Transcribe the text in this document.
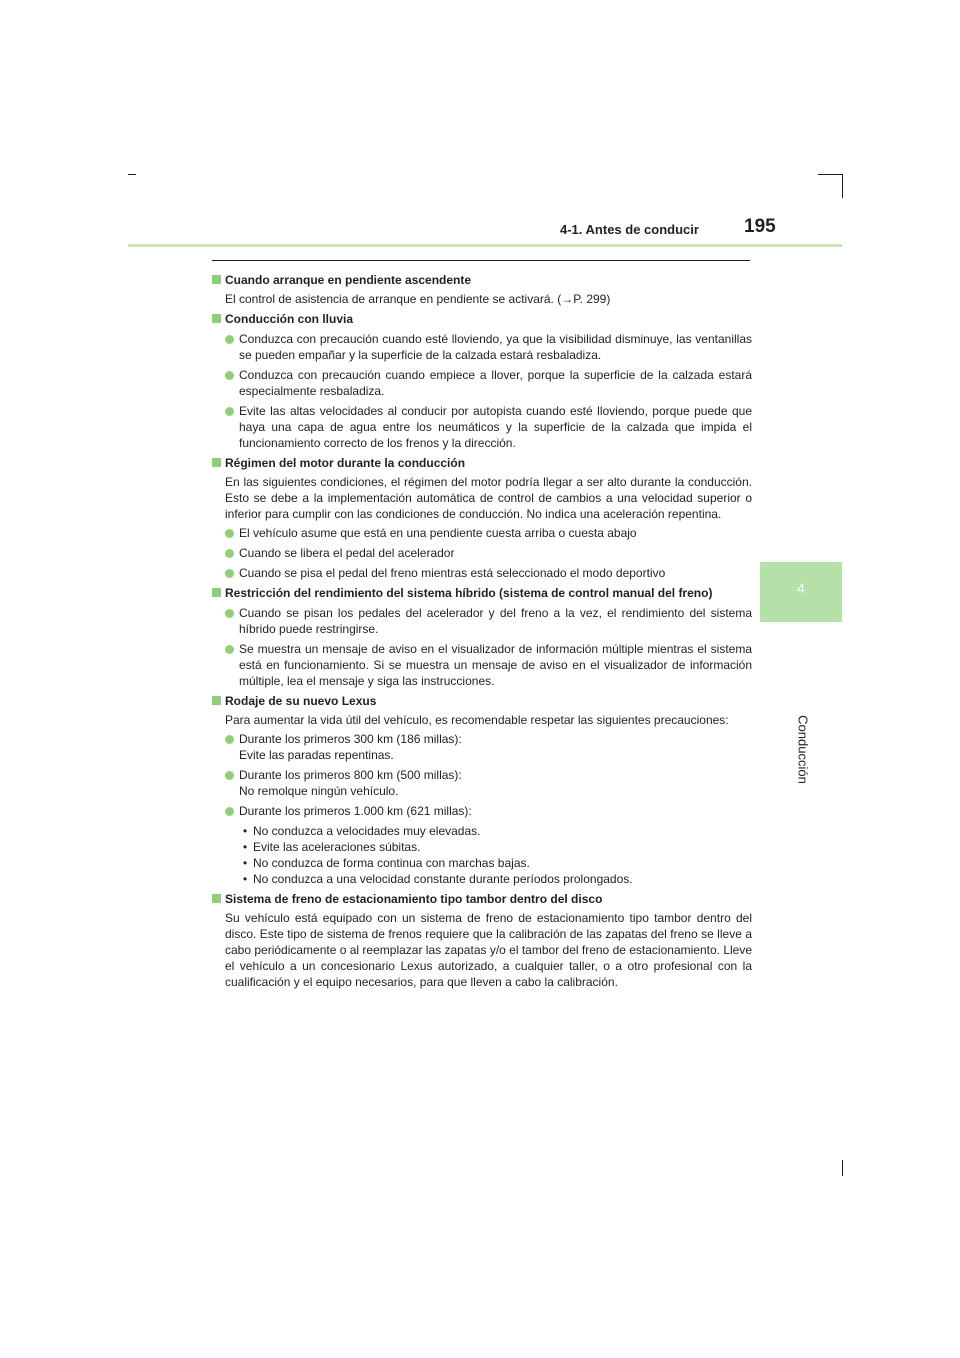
4-1. Antes de conducir 195
4
Conducción
Cuando arranque en pendiente ascendente
El control de asistencia de arranque en pendiente se activará. (→P. 299)
Conducción con lluvia
Conduzca con precaución cuando esté lloviendo, ya que la visibilidad disminuye, las ventanillas se pueden empañar y la superficie de la calzada estará resbaladiza.
Conduzca con precaución cuando empiece a llover, porque la superficie de la calzada estará especialmente resbaladiza.
Evite las altas velocidades al conducir por autopista cuando esté lloviendo, porque puede que haya una capa de agua entre los neumáticos y la superficie de la calzada que impida el funcionamiento correcto de los frenos y la dirección.
Régimen del motor durante la conducción
En las siguientes condiciones, el régimen del motor podría llegar a ser alto durante la conducción. Esto se debe a la implementación automática de control de cambios a una velocidad superior o inferior para cumplir con las condiciones de conducción. No indica una aceleración repentina.
El vehículo asume que está en una pendiente cuesta arriba o cuesta abajo
Cuando se libera el pedal del acelerador
Cuando se pisa el pedal del freno mientras está seleccionado el modo deportivo
Restricción del rendimiento del sistema híbrido (sistema de control manual del freno)
Cuando se pisan los pedales del acelerador y del freno a la vez, el rendimiento del sistema híbrido puede restringirse.
Se muestra un mensaje de aviso en el visualizador de información múltiple mientras el sistema está en funcionamiento. Si se muestra un mensaje de aviso en el visualizador de información múltiple, lea el mensaje y siga las instrucciones.
Rodaje de su nuevo Lexus
Para aumentar la vida útil del vehículo, es recomendable respetar las siguientes precauciones:
Durante los primeros 300 km (186 millas):
Evite las paradas repentinas.
Durante los primeros 800 km (500 millas):
No remolque ningún vehículo.
Durante los primeros 1.000 km (621 millas):
• No conduzca a velocidades muy elevadas.
• Evite las aceleraciones súbitas.
• No conduzca de forma continua con marchas bajas.
• No conduzca a una velocidad constante durante períodos prolongados.
Sistema de freno de estacionamiento tipo tambor dentro del disco
Su vehículo está equipado con un sistema de freno de estacionamiento tipo tambor dentro del disco. Este tipo de sistema de frenos requiere que la calibración de las zapatas del freno se lleve a cabo periódicamente o al reemplazar las zapatas y/o el tambor del freno de estacionamiento. Lleve el vehículo a un concesionario Lexus autorizado, a cualquier taller, o a otro profesional con la cualificación y el equipo necesarios, para que lleven a cabo la calibración.
